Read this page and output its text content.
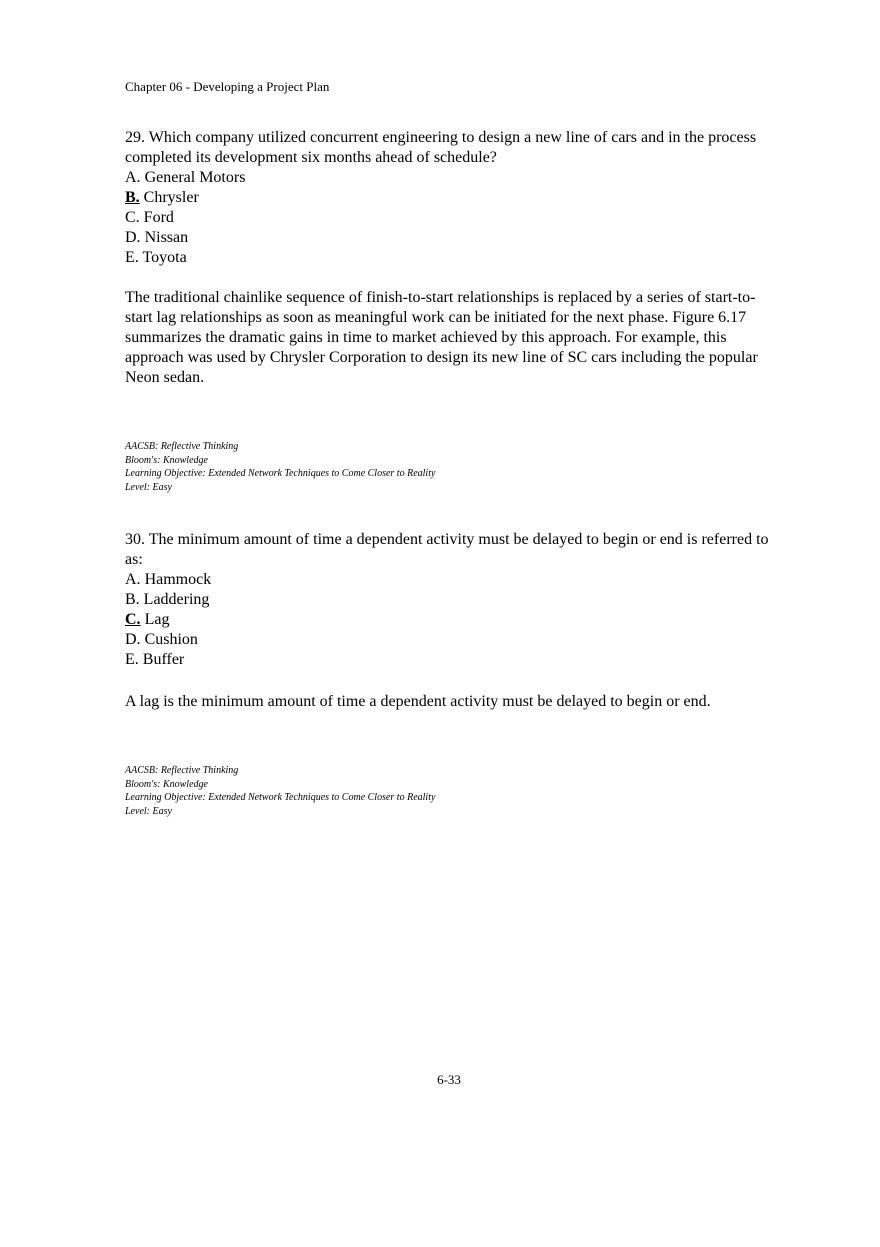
Chapter 06 - Developing a Project Plan

29. Which company utilized concurrent engineering to design a new line of cars and in the process completed its development six months ahead of schedule?

A. General Motors
B. Chrysler
C. Ford
D. Nissan
E. Toyota

The traditional chainlike sequence of finish-to-start relationships is replaced by a series of start-to-start lag relationships as soon as meaningful work can be initiated for the next phase. Figure 6.17 summarizes the dramatic gains in time to market achieved by this approach. For example, this approach was used by Chrysler Corporation to design its new line of SC cars including the popular Neon sedan.

AACSB: Reflective Thinking
Bloom's: Knowledge
Learning Objective: Extended Network Techniques to Come Closer to Reality
Level: Easy

30. The minimum amount of time a dependent activity must be delayed to begin or end is referred to as:

A. Hammock
B. Laddering
C. Lag
D. Cushion
E. Buffer

A lag is the minimum amount of time a dependent activity must be delayed to begin or end.

AACSB: Reflective Thinking
Bloom's: Knowledge
Learning Objective: Extended Network Techniques to Come Closer to Reality
Level: Easy
6-33
